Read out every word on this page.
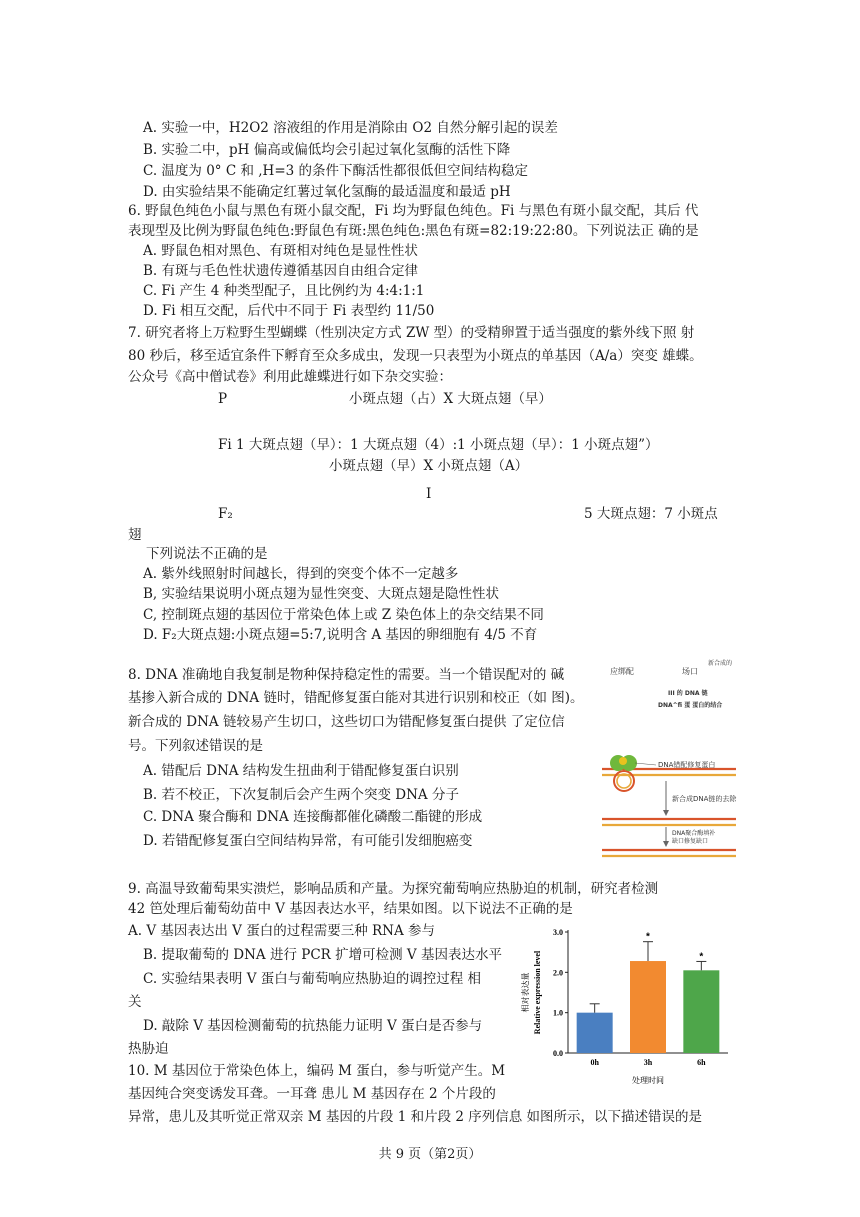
A. 实验一中，H2O2 溶液组的作用是消除由 O2 自然分解引起的误差
B. 实验二中，pH 偏高或偏低均会引起过氧化氢酶的活性下降
C. 温度为 0° C 和 ,H=3 的条件下酶活性都很低但空间结构稳定
D. 由实验结果不能确定红薯过氧化氢酶的最适温度和最适 pH
6. 野鼠色纯色小鼠与黑色有斑小鼠交配，Fi 均为野鼠色纯色。Fi 与黑色有斑小鼠交配，其后 代
表现型及比例为野鼠色纯色:野鼠色有斑:黑色纯色:黑色有斑=82:19:22:80。下列说法正 确的是
A. 野鼠色相对黑色、有斑相对纯色是显性性状
B. 有斑与毛色性状遗传遵循基因自由组合定律
C. Fi 产生 4 种类型配子，且比例约为 4:4:1:1
D. Fi 相互交配，后代中不同于 Fi 表型约 11/50
7. 研究者将上万粒野生型蝴蝶（性别决定方式 ZW 型）的受精卵置于适当强度的紫外线下照 射
80 秒后，移至适宜条件下孵育至众多成虫，发现一只表型为小斑点的单基因（A/a）突变 雄蝶。
公众号《高中僧试卷》利用此雄蝶进行如下杂交实验：
P	小斑点翅（占）X 大斑点翅（早）
Fi 1 大斑点翅（早）：1 大斑点翅（4）:1 小斑点翅（早）：1 小斑点翅”）
小斑点翅（早）X 小斑点翅（A）
I
F₂	5 大斑点翅：7 小斑点
翅
下列说法不正确的是
A. 紫外线照射时间越长，得到的突变个体不一定越多
B, 实验结果说明小斑点翅为显性突变、大斑点翅是隐性性状
C, 控制斑点翅的基因位于常染色体上或 Z 染色体上的杂交结果不同
D. F₂大斑点翅:小斑点翅=5:7,说明含 A 基因的卵细胞有 4/5 不育
8. DNA 准确地自我复制是物种保持稳定性的需要。当一个错误配对的 碱
基掺入新合成的 DNA 链时，错配修复蛋白能对其进行识别和校正（如 图)。
新合成的 DNA 链较易产生切口，这些切口为错配修复蛋白提供 了定位信
号。下列叙述错误的是
A. 错配后 DNA 结构发生扭曲利于错配修复蛋白识别
B. 若不校正，下次复制后会产生两个突变 DNA 分子
C. DNA 聚合酶和 DNA 连接酶都催化磷酸二酯键的形成
D. 若错配修复蛋白空间结构异常，有可能引发细胞癌变
应绑配	场口
新合成的
III 的 DNA 链
DNA^fi 蛋 蛋白的结合
DNA错配修复蛋白
新合成DNA链的去除
DNA聚合酶填补
缺口修复缺口
9. 高温导致葡萄果实溃烂，影响品质和产量。为探究葡萄响应热胁迫的机制，研究者检测
42 笆处理后葡萄幼苗中 V 基因表达水平，结果如图。以下说法不正确的是
A. V 基因表达出 V 蛋白的过程需要三种 RNA 参与
B. 提取葡萄的 DNA 进行 PCR 扩增可检测 V 基因表达水平
C. 实验结果表明 V 蛋白与葡萄响应热胁迫的调控过程 相
关
D. 敲除 V 基因检测葡萄的抗热能力证明 V 蛋白是否参与
热胁迫	0.0
1.0
2.0
3.0
0h
*
3h
*
6h
处理时间
相对表达量 Relative expression level
10. M 基因位于常染色体上，编码 M 蛋白，参与听觉产生。M
基因纯合突变诱发耳聋。一耳聋 患儿 M 基因存在 2 个片段的
异常，患儿及其听觉正常双亲 M 基因的片段 1 和片段 2 序列信息 如图所示，以下描述错误的是
共 9 页（第2页）
